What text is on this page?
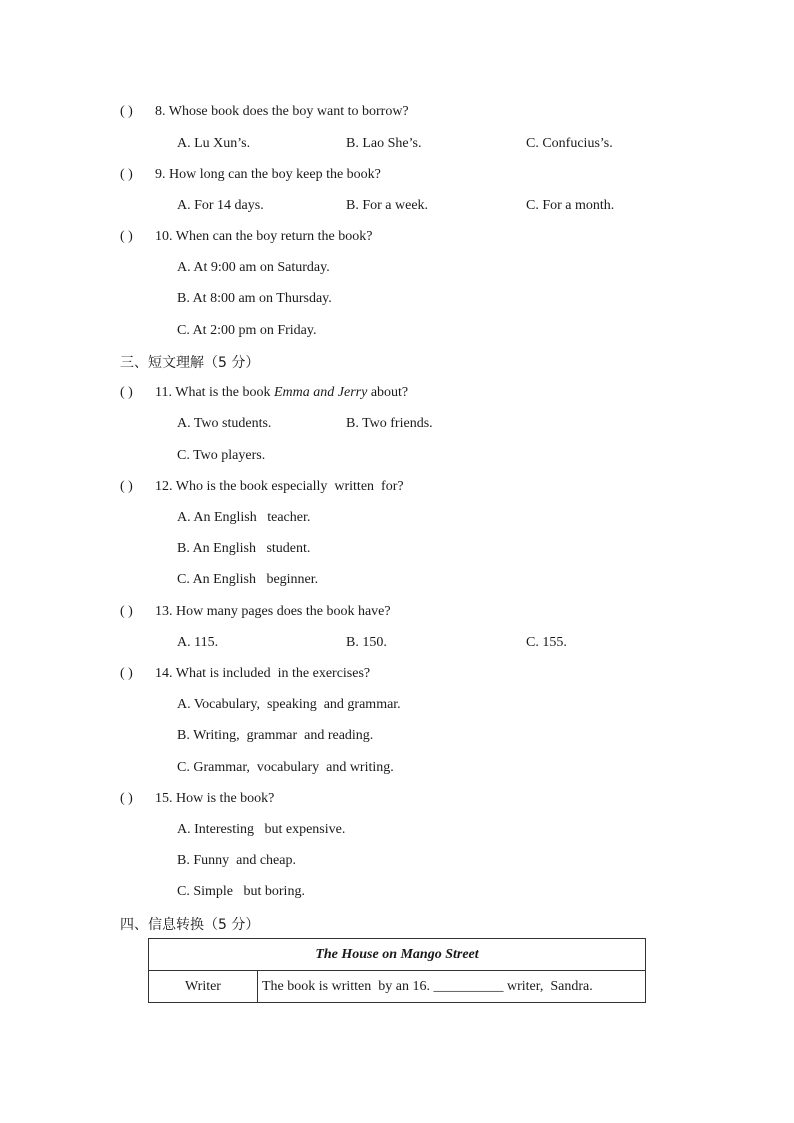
( ) 8. Whose book does the boy want to borrow?
A. Lu Xun’s.	B. Lao She’s.	C. Confucius’s.
( ) 9. How long can the boy keep the book?
A. For 14 days.	B. For a week.	C. For a month.
( ) 10. When can the boy return the book?
A. At 9:00 am on Saturday.
B. At 8:00 am on Thursday.
C. At 2:00 pm on Friday.
三、短文理解（5 分）
( ) 11. What is the book Emma and Jerry about?
A. Two students.	B. Two friends.
C. Two players.
( ) 12. Who is the book especially  written  for?
A. An English   teacher.
B. An English   student.
C. An English   beginner.
( ) 13. How many pages does the book have?
A. 115.	B. 150.	C. 155.
( ) 14. What is included  in the exercises?
A. Vocabulary,  speaking  and grammar.
B. Writing,  grammar  and reading.
C. Grammar,  vocabulary  and writing.
( ) 15. How is the book?
A. Interesting   but expensive.
B. Funny  and cheap.
C. Simple   but boring.
四、信息转换（5 分）
The House on Mango Street
Writer	The book is written  by an 16. __________ writer,  Sandra.
